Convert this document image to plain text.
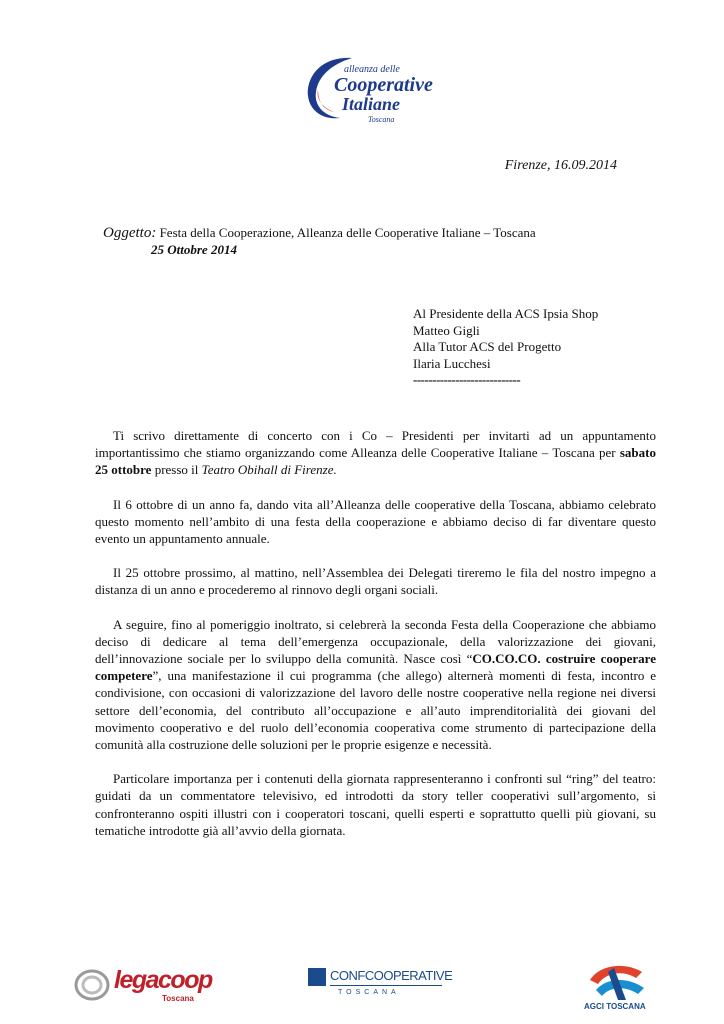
alleanza delle
Cooperative
Italiane
Toscana
Firenze, 16.09.2014
Oggetto: Festa della Cooperazione, Alleanza delle Cooperative Italiane – Toscana
25 Ottobre 2014
Al Presidente della ACS Ipsia Shop
Matteo Gigli
Alla Tutor ACS del Progetto
Ilaria Lucchesi
----------------------------

Ti scrivo direttamente di concerto con i Co – Presidenti per invitarti ad un appuntamento importantissimo che stiamo organizzando come Alleanza delle Cooperative Italiane – Toscana per sabato 25 ottobre presso il Teatro Obihall di Firenze.

Il 6 ottobre di un anno fa, dando vita all’Alleanza delle cooperative della Toscana, abbiamo celebrato questo momento nell’ambito di una festa della cooperazione e abbiamo deciso di far diventare questo evento un appuntamento annuale.

Il 25 ottobre prossimo, al mattino, nell’Assemblea dei Delegati tireremo le fila del nostro impegno a distanza di un anno e procederemo al rinnovo degli organi sociali.

A seguire, fino al pomeriggio inoltrato, si celebrerà la seconda Festa della Cooperazione che abbiamo deciso di dedicare al tema dell’emergenza occupazionale, della valorizzazione dei giovani, dell’innovazione sociale per lo sviluppo della comunità. Nasce così “CO.CO.CO. costruire cooperare competere”, una manifestazione il cui programma (che allego) alternerà momenti di festa, incontro e condivisione, con occasioni di valorizzazione del lavoro delle nostre cooperative nella regione nei diversi settore dell’economia, del contributo all’occupazione e all’auto imprenditorialità dei giovani del movimento cooperativo e del ruolo dell’economia cooperativa come strumento di partecipazione della comunità alla costruzione delle soluzioni per le proprie esigenze e necessità.

Particolare importanza per i contenuti della giornata rappresenteranno i confronti sul “ring” del teatro: guidati da un commentatore televisivo, ed introdotti da story teller cooperativi sull’argomento, si confronteranno ospiti illustri con i cooperatori toscani, quelli esperti e soprattutto quelli più giovani, su tematiche introdotte già all’avvio della giornata.

legacoop
Toscana
CONFCOOPERATIVE
TOSCANA
AGCI TOSCANA
